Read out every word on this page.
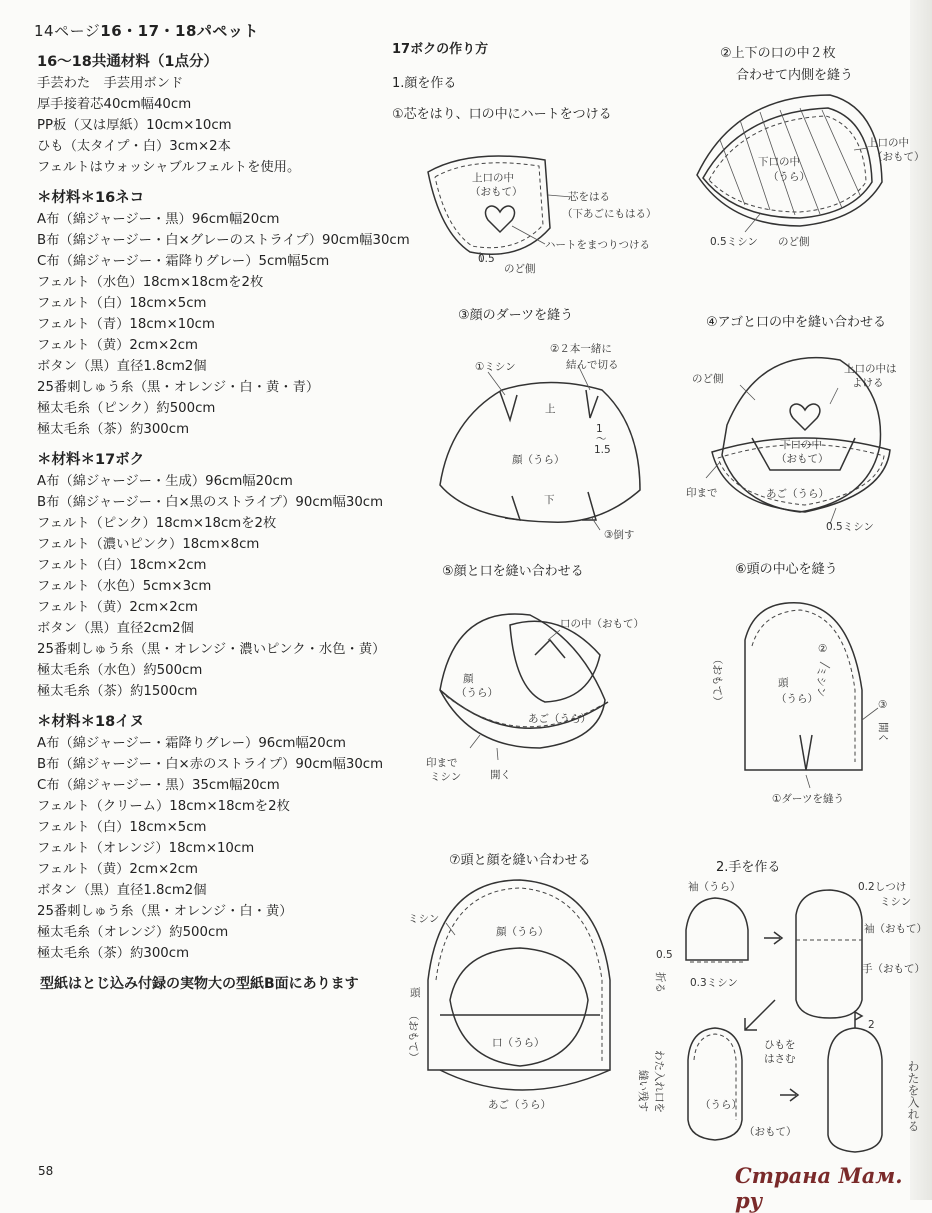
14ページ16・17・18パペット
16～18共通材料（1点分）
手芸わた　手芸用ボンド
厚手接着芯40cm幅40cm
PP板（又は厚紙）10cm×10cm
ひも（太タイプ・白）3cm×2本
フェルトはウォッシャブルフェルトを使用。
＊材料＊16ネコ
A布（綿ジャージー・黒）96cm幅20cm
B布（綿ジャージー・白×グレーのストライプ）90cm幅30cm
C布（綿ジャージー・霜降りグレー）5cm幅5cm
フェルト（水色）18cm×18cmを2枚
フェルト（白）18cm×5cm
フェルト（青）18cm×10cm
フェルト（黄）2cm×2cm
ボタン（黒）直径1.8cm2個
25番刺しゅう糸（黒・オレンジ・白・黄・青）
極太毛糸（ピンク）約500cm
極太毛糸（茶）約300cm
＊材料＊17ボク
A布（綿ジャージー・生成）96cm幅20cm
B布（綿ジャージー・白×黒のストライプ）90cm幅30cm
フェルト（ピンク）18cm×18cmを2枚
フェルト（濃いピンク）18cm×8cm
フェルト（白）18cm×2cm
フェルト（水色）5cm×3cm
フェルト（黄）2cm×2cm
ボタン（黒）直径2cm2個
25番刺しゅう糸（黒・オレンジ・濃いピンク・水色・黄）
極太毛糸（水色）約500cm
極太毛糸（茶）約1500cm
＊材料＊18イヌ
A布（綿ジャージー・霜降りグレー）96cm幅20cm
B布（綿ジャージー・白×赤のストライプ）90cm幅30cm
C布（綿ジャージー・黒）35cm幅20cm
フェルト（クリーム）18cm×18cmを2枚
フェルト（白）18cm×5cm
フェルト（オレンジ）18cm×10cm
フェルト（黄）2cm×2cm
ボタン（黒）直径1.8cm2個
25番刺しゅう糸（黒・オレンジ・白・黄）
極太毛糸（オレンジ）約500cm
極太毛糸（茶）約300cm
型紙はとじ込み付録の実物大の型紙B面にあります
58	Страна Мам. ру
わたを入れる
17ボクの作り方
1.顔を作る
①芯をはり、口の中にハートをつける
②上下の口の中２枚
合わせて内側を縫う
③顔のダーツを縫う	④アゴと口の中を縫い合わせる
⑤顔と口を縫い合わせる	⑥頭の中心を縫う
⑦頭と顔を縫い合わせる	2.手を作る
上口の中
（おもて）	芯をはる
（下あごにもはる）
ハートをまつりつける
0.5
のど側
上口の中
（おもて）
下口の中
（うら）
0.5ミシン のど側
①ミシン
②２本一緒に
結んで切る
上
1
～
1.5
顔（うら）
下
③倒す
のど側
上口の中は
よける
下口の中
（おもて）
印まで	あご（うら）
0.5ミシン
口の中（おもて）
顔
（うら）
あご（うら）
印まで
ミシン	開く
（おもて）
②
ミシン
頭
（うら）	③
開く
①ダーツを縫う
ミシン
顔（うら）
頭
（おもて）	口（うら）
あご（うら）
袖（うら）
0.5
折る 0.3ミシン
0.2しつけ
ミシン
袖（おもて）
手（おもて）
ひもを
はさむ
わた入れ口を
縫い残す	（うら）
（おもて）
2
